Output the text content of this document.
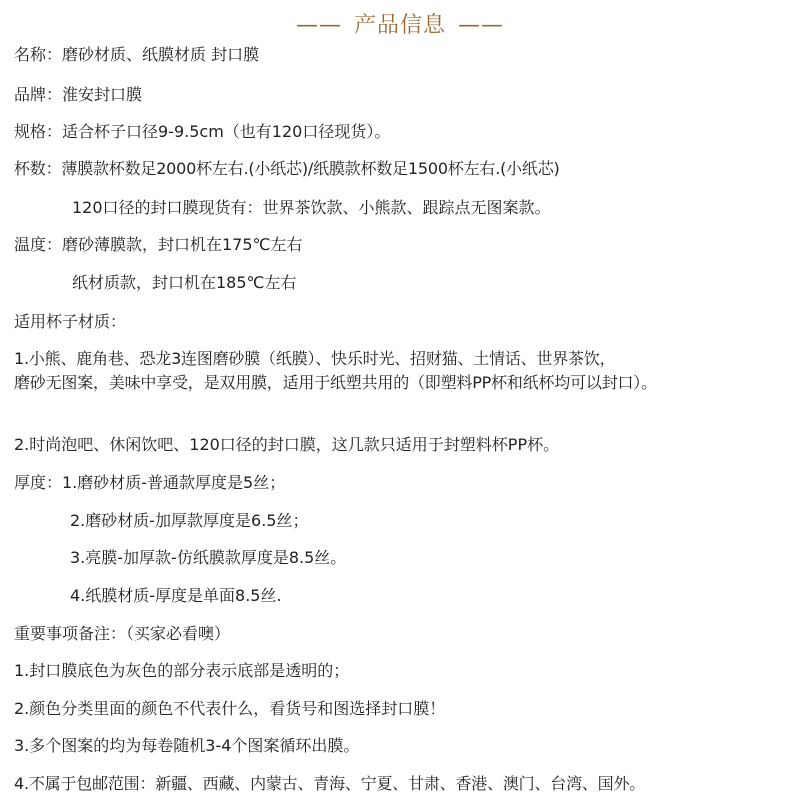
—— 产品信息 ——
名称：磨砂材质、纸膜材质 封口膜
品牌：淮安封口膜
规格：适合杯子口径9-9.5cm（也有120口径现货）。
杯数：薄膜款杯数足2000杯左右.(小纸芯)/纸膜款杯数足1500杯左右.(小纸芯)
120口径的封口膜现货有：世界茶饮款、小熊款、跟踪点无图案款。
温度：磨砂薄膜款，封口机在175℃左右
纸材质款，封口机在185℃左右
适用杯子材质：
1.小熊、鹿角巷、恐龙3连图磨砂膜（纸膜）、快乐时光、招财猫、土情话、世界茶饮，
磨砂无图案，美味中享受，是双用膜，适用于纸塑共用的（即塑料PP杯和纸杯均可以封口）。
2.时尚泡吧、休闲饮吧、120口径的封口膜，这几款只适用于封塑料杯PP杯。
厚度：1.磨砂材质-普通款厚度是5丝；
2.磨砂材质-加厚款厚度是6.5丝；
3.亮膜-加厚款-仿纸膜款厚度是8.5丝。
4.纸膜材质-厚度是单面8.5丝.
重要事项备注：（买家必看噢）
1.封口膜底色为灰色的部分表示底部是透明的；
2.颜色分类里面的颜色不代表什么，看货号和图选择封口膜！
3.多个图案的均为每卷随机3-4个图案循环出膜。
4.不属于包邮范围：新疆、西藏、内蒙古、青海、宁夏、甘肃、香港、澳门、台湾、国外。
